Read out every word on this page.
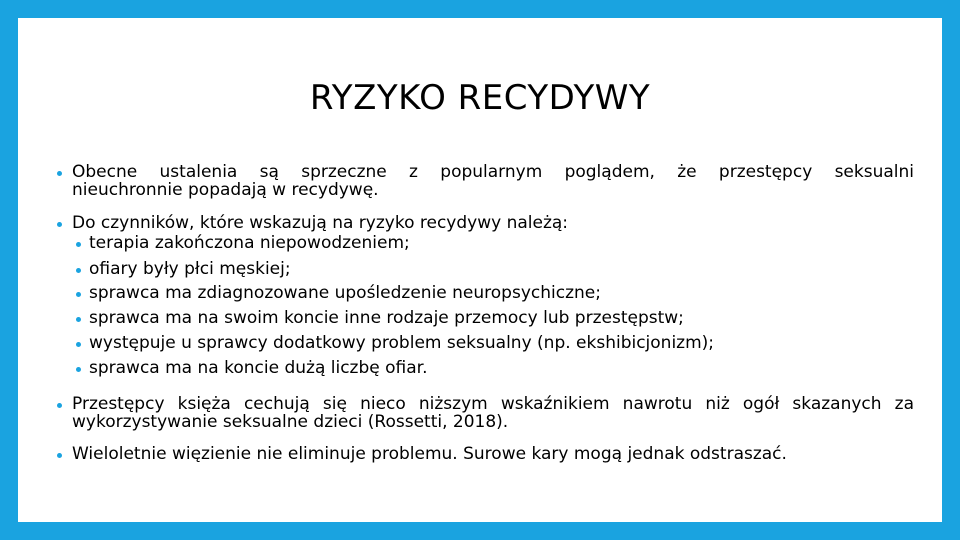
RYZYKO RECYDYWY
Obecne ustalenia są sprzeczne z popularnym poglądem, że przestępcy seksualni
nieuchronnie popadają w recydywę.
Do czynników, które wskazują na ryzyko recydywy należą:
terapia zakończona niepowodzeniem;
ofiary były płci męskiej;
sprawca ma zdiagnozowane upośledzenie neuropsychiczne;
sprawca ma na swoim koncie inne rodzaje przemocy lub przestępstw;
występuje u sprawcy dodatkowy problem seksualny (np. ekshibicjonizm);
sprawca ma na koncie dużą liczbę ofiar.
Przestępcy księża cechują się nieco niższym wskaźnikiem nawrotu niż ogół skazanych za
wykorzystywanie seksualne dzieci (Rossetti, 2018).
Wieloletnie więzienie nie eliminuje problemu. Surowe kary mogą jednak odstraszać.
